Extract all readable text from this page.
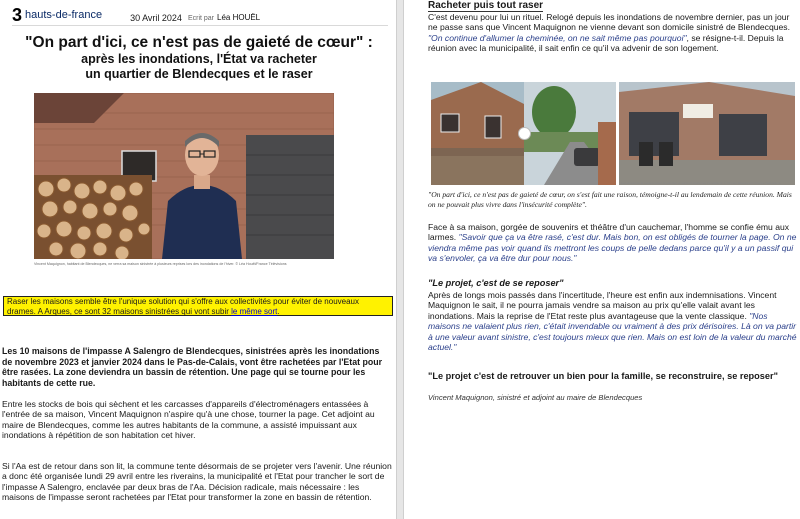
3 hauts-de-france	30 Avril 2024 Ecrit par Léa HOUËL
"On part d'ici, ce n'est pas de gaieté de cœur" :
après les inondations, l'État va racheter
un quartier de Blendecques et le raser
Vincent Maquignon, habitant de Blendecques, ne verra sa maison sinistrée à plusieurs reprises lors des inondations de l'hiver. © Léa Houël/France Télévisions
Raser les maisons semble être l'unique solution qui s'offre aux collectivités pour éviter de nouveaux drames. A Arques, ce sont 32 maisons sinistrées qui vont subir le même sort.
Les 10 maisons de l'impasse A Salengro de Blendecques, sinistrées après les inondations de novembre 2023 et janvier 2024 dans le Pas-de-Calais, vont être rachetées par l'Etat pour être rasées. La zone deviendra un bassin de rétention. Une page qui se tourne pour les habitants de cette rue.
Entre les stocks de bois qui sèchent et les carcasses d'appareils d'électroménagers entassées à l'entrée de sa maison, Vincent Maquignon n'aspire qu'à une chose, tourner la page. Cet adjoint au maire de Blendecques, comme les autres habitants de la commune, a assisté impuissant aux inondations à répétition de son habitation cet hiver.
Si l'Aa est de retour dans son lit, la commune tente désormais de se projeter vers l'avenir. Une réunion a donc été organisée lundi 29 avril entre les riverains, la municipalité et l'Etat pour trancher le sort de l'impasse A Salengro, enclavée par deux bras de l'Aa. Décision radicale, mais nécessaire : les maisons de l'impasse seront rachetées par l'Etat pour transformer la zone en bassin de rétention.
Racheter puis tout raser
C'est devenu pour lui un rituel. Relogé depuis les inondations de novembre dernier, pas un jour ne passe sans que Vincent Maquignon ne vienne devant son domicile sinistré de Blendecques. "On continue d'allumer la cheminée, on ne sait même pas pourquoi", se résigne-t-il. Depuis la réunion avec la municipalité, il sait enfin ce qu'il va advenir de son logement.
Les abords de la maison avant (à gauche) et après (à droite) les inondations. © Vincent Maquignon / France Télévisions
"On part d'ici, ce n'est pas de gaieté de cœur, on s'est fait une raison, témoigne-t-il au lendemain de cette réunion. Mais on ne pouvait plus vivre dans l'insécurité complète".
Face à sa maison, gorgée de souvenirs et théâtre d'un cauchemar, l'homme se confie ému aux larmes. "Savoir que ça va être rasé, c'est dur. Mais bon, on est obligés de tourner la page. On ne viendra même pas voir quand ils mettront les coups de pelle dedans parce qu'il y a un passif qui va s'envoler, ça va être dur pour nous."
"Le projet, c'est de se reposer"
Après de longs mois passés dans l'incertitude, l'heure est enfin aux indemnisations. Vincent Maquignon le sait, il ne pourra jamais vendre sa maison au prix qu'elle valait avant les inondations. Mais la reprise de l'Etat reste plus avantageuse que la vente classique. "Nos maisons ne valaient plus rien, c'était invendable ou vraiment à des prix dérisoires. Là on va partir à une valeur avant sinistre, c'est toujours mieux que rien. Mais on est loin de la valeur du marché actuel."
"Le projet c'est de retrouver un bien pour la famille, se reconstruire, se reposer"
Vincent Maquignon, sinistré et adjoint au maire de Blendecques
